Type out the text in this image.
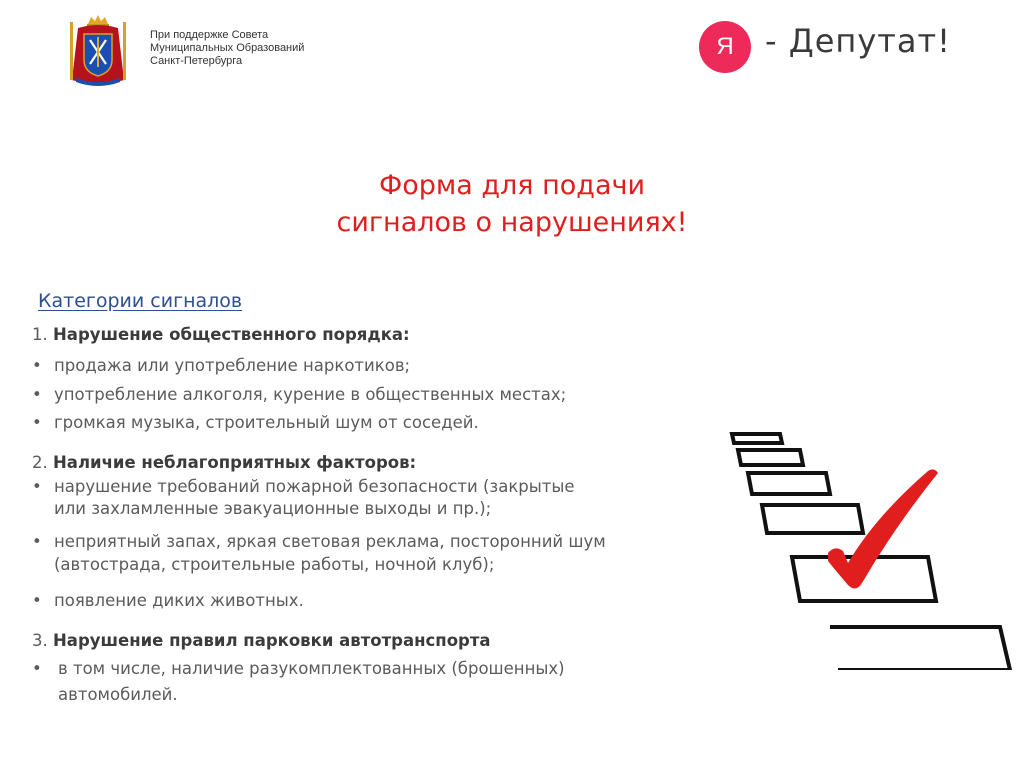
При поддержке Совета
Муниципальных Образований
Санкт-Петербурга
Я - Депутат!
Форма для подачи
сигналов о нарушениях!
Категории сигналов
1. Нарушение общественного порядка:
• продажа или употребление наркотиков;
• употребление алкоголя, курение в общественных местах;
• громкая музыка, строительный шум от соседей.
2. Наличие неблагоприятных факторов:
• нарушение требований пожарной безопасности (закрытые
или захламленные эвакуационные выходы и пр.);
• неприятный запах, яркая световая реклама, посторонний шум
(автострада, строительные работы, ночной клуб);
• появление диких животных.
3. Нарушение правил парковки автотранспорта
• в том числе, наличие разукомплектованных (брошенных)
автомобилей.
